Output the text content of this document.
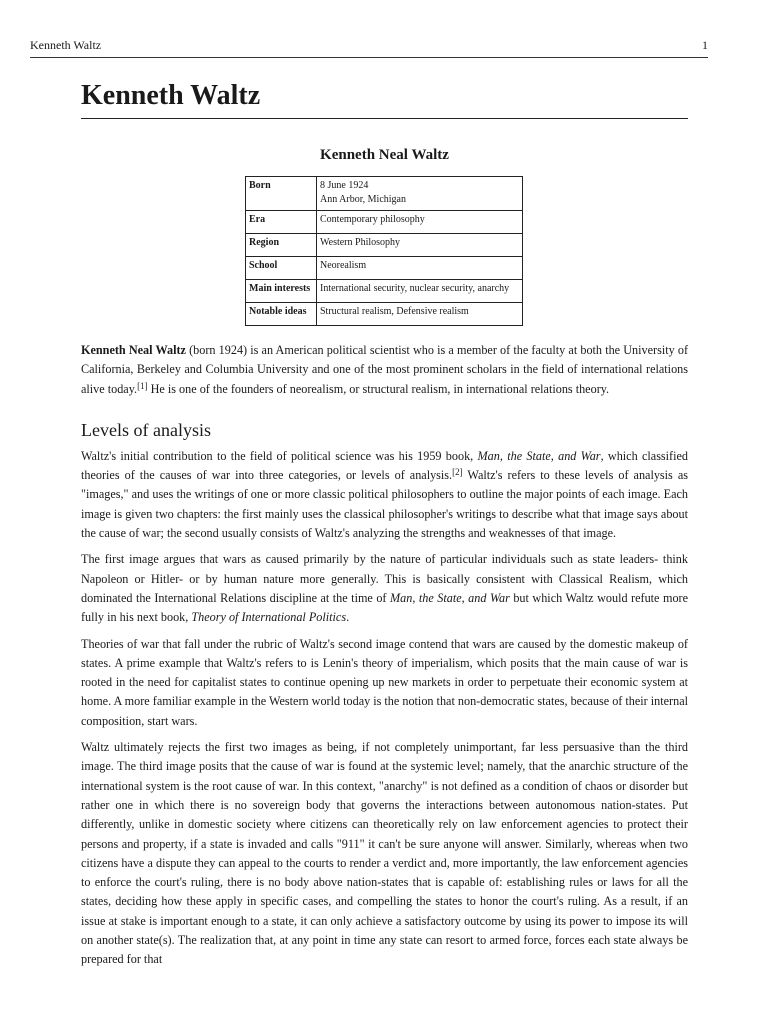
Kenneth Waltz	1
Kenneth Waltz
Kenneth Neal Waltz
Born	8 June 1924
Ann Arbor, Michigan

Era	Contemporary philosophy
Region	Western Philosophy
School	Neorealism
Main interests	International security, nuclear security, anarchy
Notable ideas	Structural realism, Defensive realism

Kenneth Neal Waltz (born 1924) is an American political scientist who is a member of the faculty at both the University of California, Berkeley and Columbia University and one of the most prominent scholars in the field of international relations alive today.[1] He is one of the founders of neorealism, or structural realism, in international relations theory.

Levels of analysis

Waltz's initial contribution to the field of political science was his 1959 book, Man, the State, and War, which classified theories of the causes of war into three categories, or levels of analysis.[2] Waltz's refers to these levels of analysis as "images," and uses the writings of one or more classic political philosophers to outline the major points of each image. Each image is given two chapters: the first mainly uses the classical philosopher's writings to describe what that image says about the cause of war; the second usually consists of Waltz's analyzing the strengths and weaknesses of that image.

The first image argues that wars as caused primarily by the nature of particular individuals such as state leaders- think Napoleon or Hitler- or by human nature more generally. This is basically consistent with Classical Realism, which dominated the International Relations discipline at the time of Man, the State, and War but which Waltz would refute more fully in his next book, Theory of International Politics.

Theories of war that fall under the rubric of Waltz's second image contend that wars are caused by the domestic makeup of states. A prime example that Waltz's refers to is Lenin's theory of imperialism, which posits that the main cause of war is rooted in the need for capitalist states to continue opening up new markets in order to perpetuate their economic system at home. A more familiar example in the Western world today is the notion that non-democratic states, because of their internal composition, start wars.

Waltz ultimately rejects the first two images as being, if not completely unimportant, far less persuasive than the third image. The third image posits that the cause of war is found at the systemic level; namely, that the anarchic structure of the international system is the root cause of war. In this context, "anarchy" is not defined as a condition of chaos or disorder but rather one in which there is no sovereign body that governs the interactions between autonomous nation-states. Put differently, unlike in domestic society where citizens can theoretically rely on law enforcement agencies to protect their persons and property, if a state is invaded and calls "911" it can't be sure anyone will answer. Similarly, whereas when two citizens have a dispute they can appeal to the courts to render a verdict and, more importantly, the law enforcement agencies to enforce the court's ruling, there is no body above nation-states that is capable of: establishing rules or laws for all the states, deciding how these apply in specific cases, and compelling the states to honor the court's ruling. As a result, if an issue at stake is important enough to a state, it can only achieve a satisfactory outcome by using its power to impose its will on another state(s). The realization that, at any point in time any state can resort to armed force, forces each state always be prepared for that
